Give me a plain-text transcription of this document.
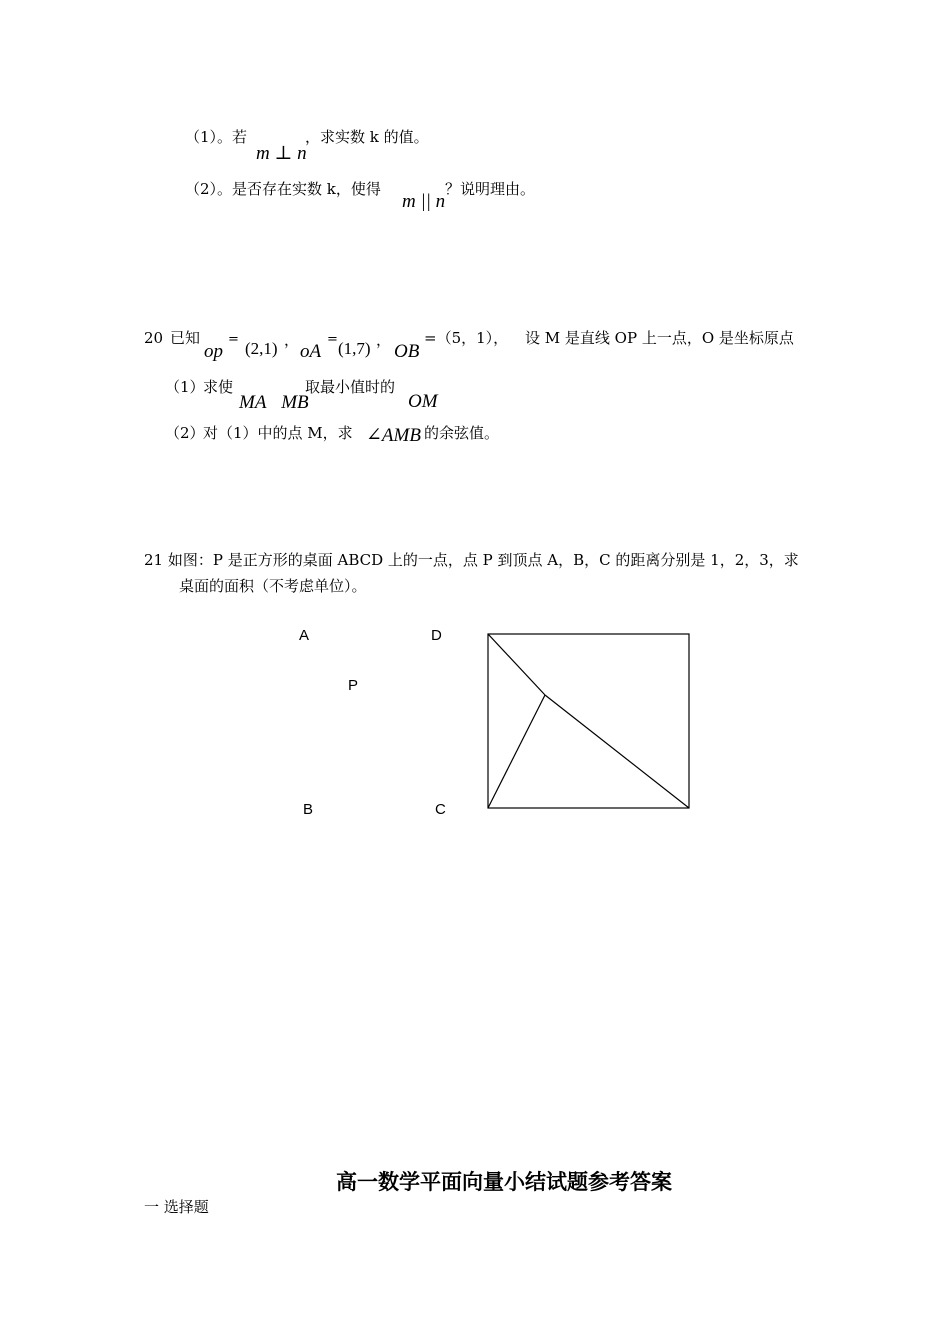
（1）。若
m ⊥ n
，求实数 k 的值。
（2）。是否存在实数 k，使得
m || n
？说明理由。
20 已知
op
= (2,1) ，
oA
= (1,7) ，
OB
=（5，1）， 设 M 是直线 OP 上一点，O 是坐标原点
（1）
求使
MA⃞MB
取最小值时的
OM
（2）
对（1）中的点 M，求 ∠AMB 的余弦值。
21 如图：P 是正方形的桌面 ABCD 上的一点，点 P 到顶点 A，B，C 的距离分别是 1，2，3，求
桌面的面积（不考虑单位）。
A	D
P
B	C
高一数学平面向量小结试题参考答案
一 选择题
